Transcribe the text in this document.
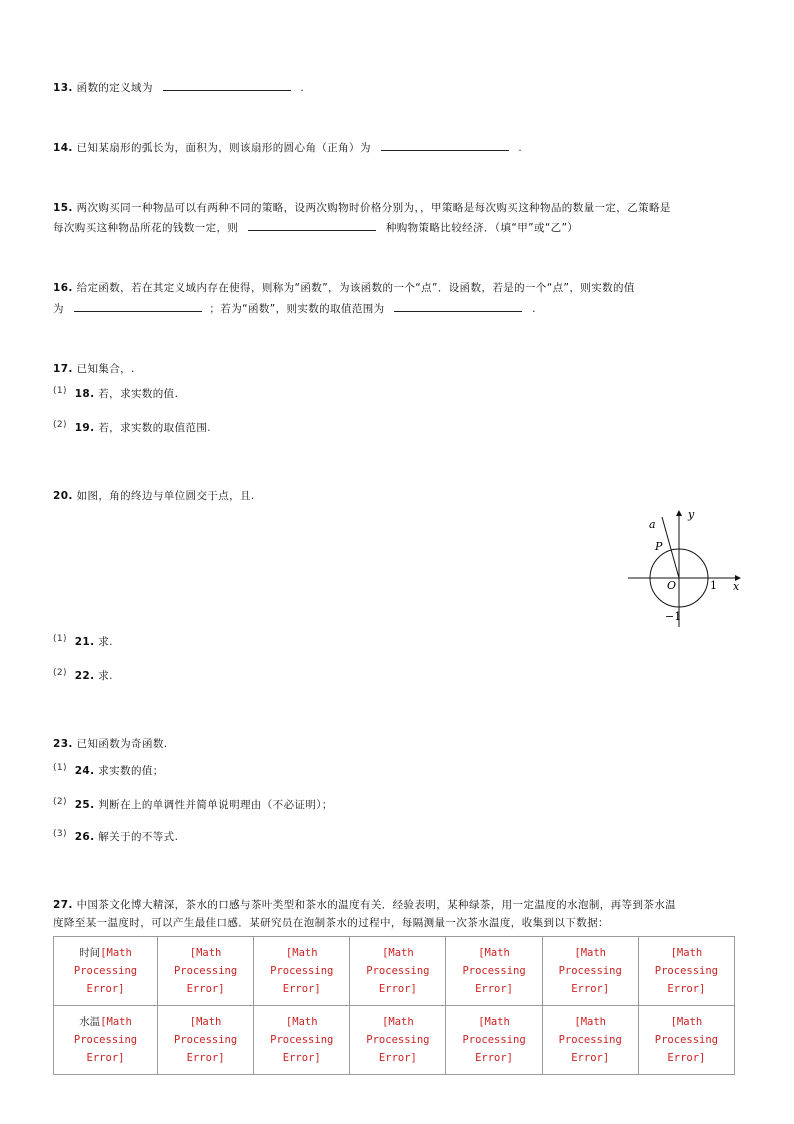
13. 函数的定义域为	.
14. 已知某扇形的弧长为，面积为，则该扇形的圆心角（正角）为	.
15. 两次购买同一种物品可以有两种不同的策略，设两次购物时价格分别为，，甲策略是每次购买这种物品的数量一定，乙策略是
每次购买这种物品所花的钱数一定，则	种购物策略比较经济．（填“甲”或“乙”）
16. 给定函数，若在其定义域内存在使得，则称为“函数”，为该函数的一个“点”．设函数，若是的一个“点”，则实数的值
为	；若为“函数”，则实数的取值范围为	.
17. 已知集合，.
(1) 18. 若，求实数的值.
(2) 19. 若，求实数的取值范围.
20. 如图，角的终边与单位圆交于点，且.
y
x
a
P
O	1
−1
(1) 21. 求.
(2) 22. 求.
23. 已知函数为奇函数.
(1) 24. 求实数的值；
(2) 25. 判断在上的单调性并简单说明理由（不必证明）；
(3) 26. 解关于的不等式.
27. 中国茶文化博大精深，茶水的口感与茶叶类型和茶水的温度有关．经验表明，某种绿茶，用一定温度的水泡制，再等到茶水温
度降至某一温度时，可以产生最佳口感．某研究员在泡制茶水的过程中，每隔测量一次茶水温度，收集到以下数据：
时间[Math
Processing Error]	[Math
Processing
Error]	[Math
Processing
Error]	[Math
Processing
Error]	[Math
Processing
Error]	[Math
Processing
Error]	[Math
Processing
Error]
水温[Math
Processing Error]	[Math
Processing
Error]	[Math
Processing
Error]	[Math
Processing
Error]	[Math
Processing
Error]	[Math
Processing
Error]	[Math
Processing
Error]
